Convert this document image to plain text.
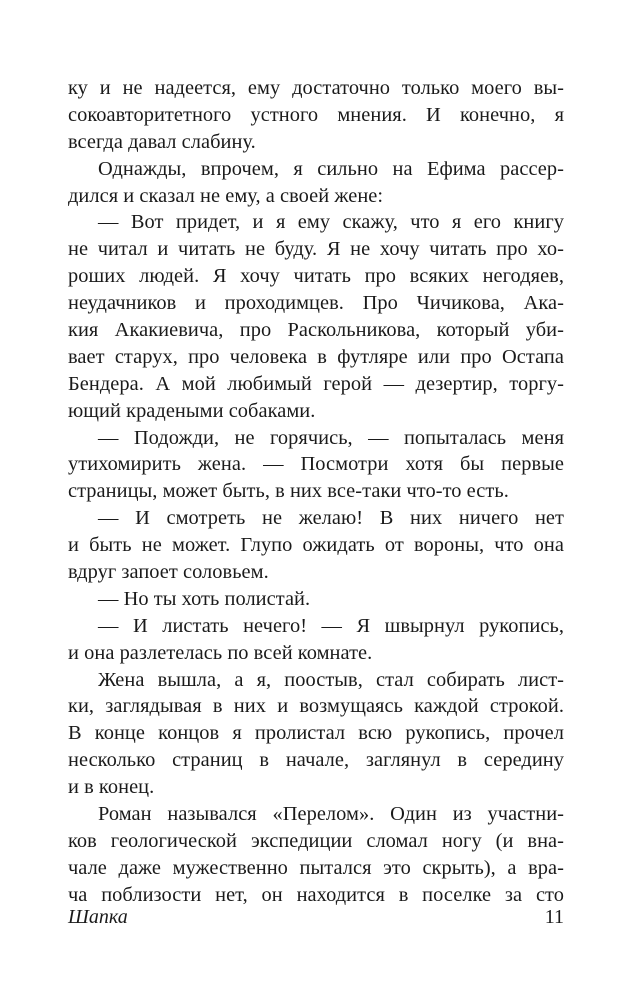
ку и не надеется, ему достаточно только моего вы-
сокоавторитетного устного мнения. И конечно, я
всегда давал слабину.
Однажды, впрочем, я сильно на Ефима рассер-
дился и сказал не ему, а своей жене:
— Вот придет, и я ему скажу, что я его книгу
не читал и читать не буду. Я не хочу читать про хо-
роших людей. Я хочу читать про всяких негодяев,
неудачников и проходимцев. Про Чичикова, Ака-
кия Акакиевича, про Раскольникова, который уби-
вает старух, про человека в футляре или про Остапа
Бендера. А мой любимый герой — дезертир, торгу-
ющий крадеными собаками.
— Подожди, не горячись, — попыталась меня
утихомирить жена. — Посмотри хотя бы первые
страницы, может быть, в них все-таки что-то есть.
— И смотреть не желаю! В них ничего нет
и быть не может. Глупо ожидать от вороны, что она
вдруг запоет соловьем.
— Но ты хоть полистай.
— И листать нечего! — Я швырнул рукопись,
и она разлетелась по всей комнате.
Жена вышла, а я, поостыв, стал собирать лист-
ки, заглядывая в них и возмущаясь каждой строкой.
В конце концов я пролистал всю рукопись, прочел
несколько страниц в начале, заглянул в середину
и в конец.
Роман назывался «Перелом». Один из участни-
ков геологической экспедиции сломал ногу (и вна-
чале даже мужественно пытался это скрыть), а вра-
ча поблизости нет, он находится в поселке за сто
Шапка	11
